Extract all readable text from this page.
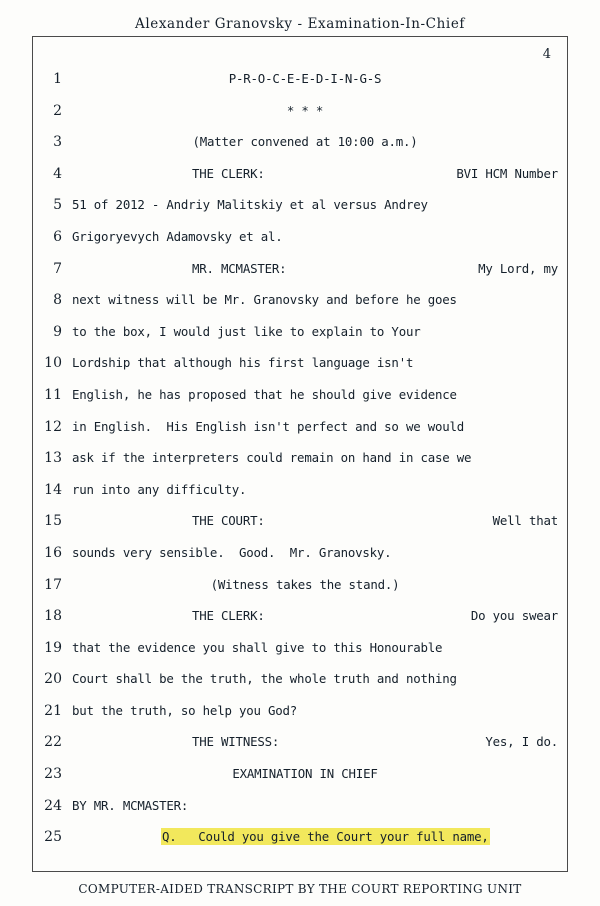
Alexander Granovsky - Examination-In-Chief
4
1	P-R-O-C-E-E-D-I-N-G-S
2	* * *
3	(Matter convened at 10:00 a.m.)
4	THE CLERK:	BVI HCM Number
5 51 of 2012 - Andriy Malitskiy et al versus Andrey
6 Grigoryevych Adamovsky et al.
7	MR. MCMASTER:	My Lord, my
8 next witness will be Mr. Granovsky and before he goes
9 to the box, I would just like to explain to Your
10 Lordship that although his first language isn't
11 English, he has proposed that he should give evidence
12 in English.  His English isn't perfect and so we would
13 ask if the interpreters could remain on hand in case we
14 run into any difficulty.
15	THE COURT:	Well that
16 sounds very sensible.  Good.  Mr. Granovsky.
17	(Witness takes the stand.)
18	THE CLERK:	Do you swear
19 that the evidence you shall give to this Honourable
20 Court shall be the truth, the whole truth and nothing
21 but the truth, so help you God?
22	THE WITNESS:	Yes, I do.
23	EXAMINATION IN CHIEF
24 BY MR. MCMASTER:
25	Q.   Could you give the Court your full name,
COMPUTER-AIDED TRANSCRIPT BY THE COURT REPORTING UNIT
